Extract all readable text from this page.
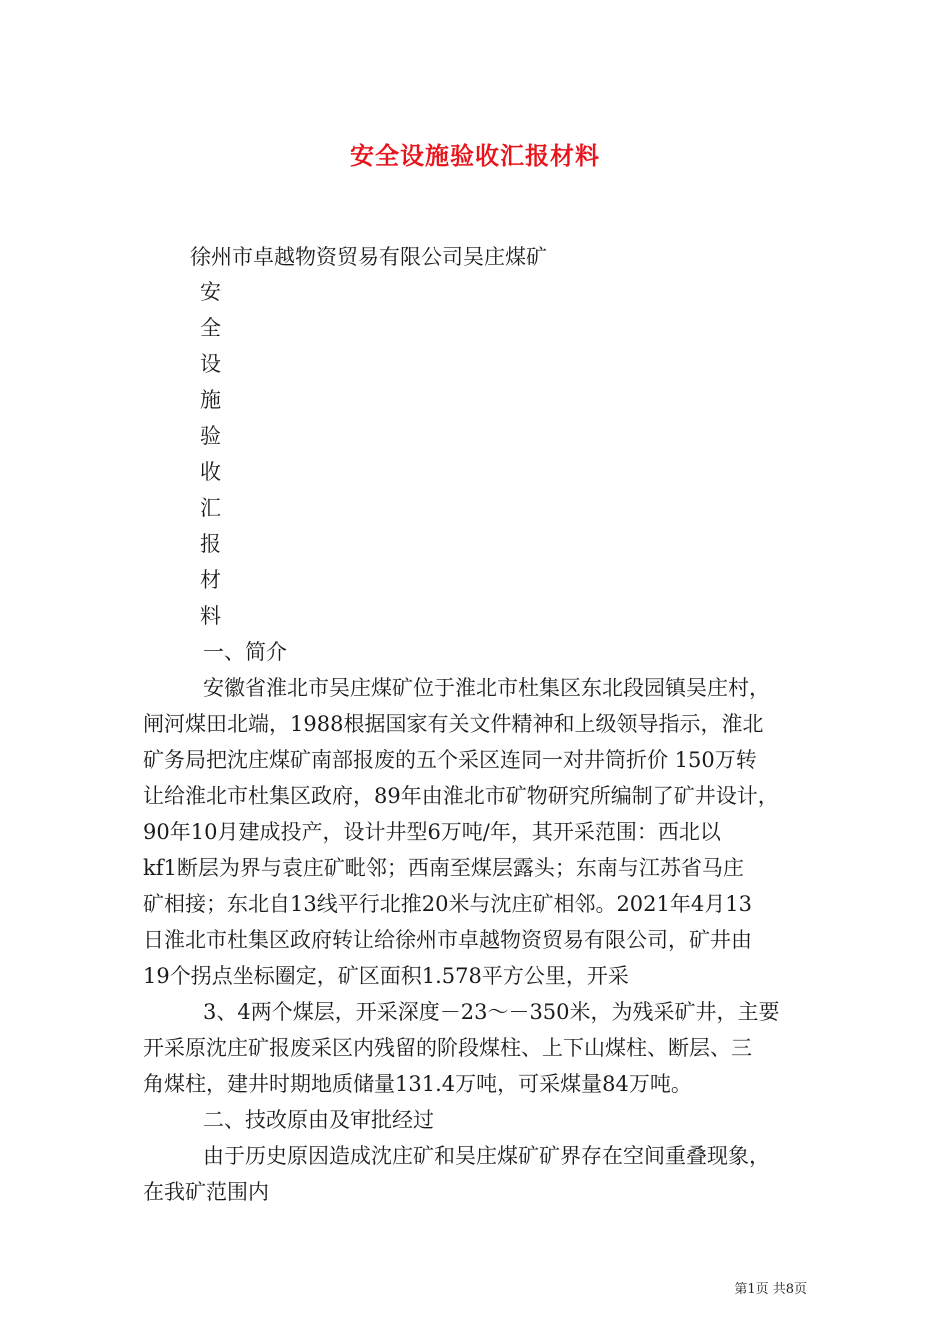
安全设施验收汇报材料
徐州市卓越物资贸易有限公司吴庄煤矿
安
全
设
施
验
收
汇
报
材
料

一、简介

安徽省淮北市吴庄煤矿位于淮北市杜集区东北段园镇吴庄村，

闸河煤田北端，1988根据国家有关文件精神和上级领导指示，淮北

矿务局把沈庄煤矿南部报废的五个采区连同一对井筒折价 150万转

让给淮北市杜集区政府，89年由淮北市矿物研究所编制了矿井设计，

90年10月建成投产，设计井型6万吨/年，其开采范围：西北以

kf1断层为界与袁庄矿毗邻；西南至煤层露头；东南与江苏省马庄

矿相接；东北自13线平行北推20米与沈庄矿相邻。2021年4月13

日淮北市杜集区政府转让给徐州市卓越物资贸易有限公司，矿井由

19个拐点坐标圈定，矿区面积1.578平方公里，开采

3、4两个煤层，开采深度－23～－350米，为残采矿井，主要

开采原沈庄矿报废采区内残留的阶段煤柱、上下山煤柱、断层、三

角煤柱，建井时期地质储量131.4万吨，可采煤量84万吨。

二、技改原由及审批经过

由于历史原因造成沈庄矿和吴庄煤矿矿界存在空间重叠现象，

在我矿范围内

第1页 共8页
